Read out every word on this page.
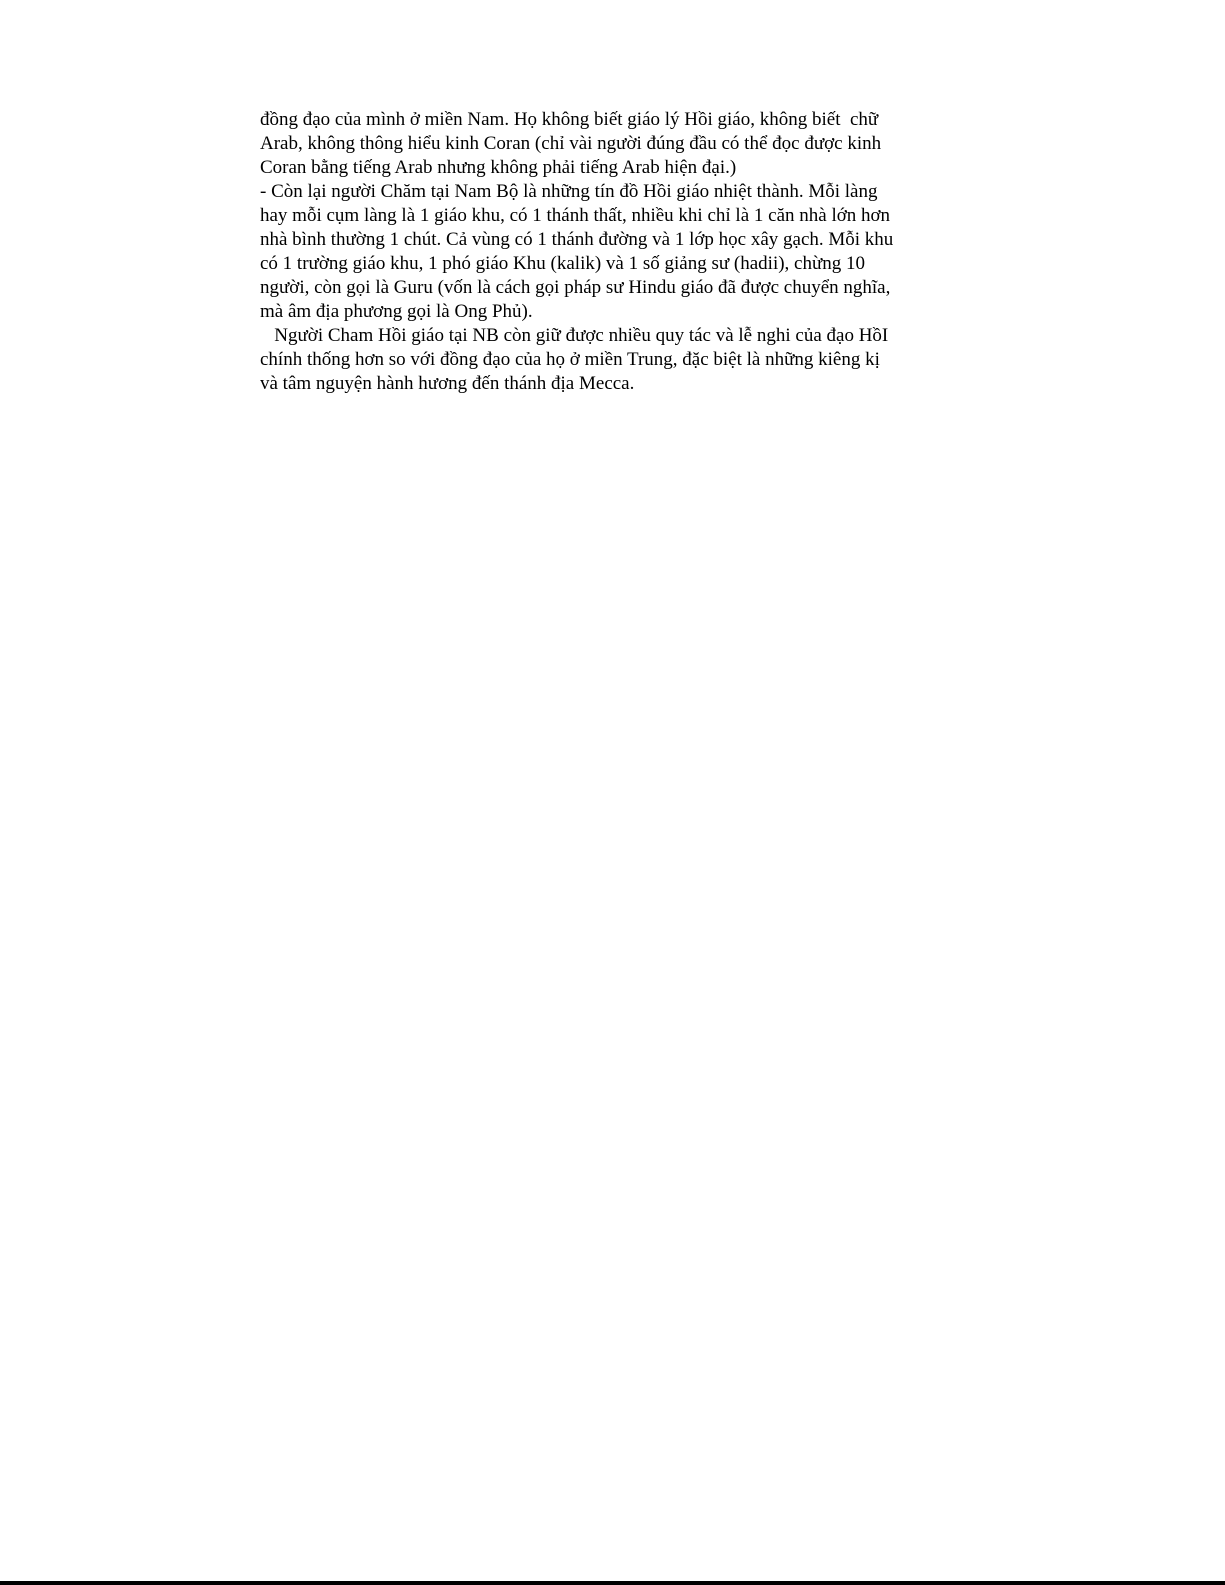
đồng đạo của mình ở miền Nam. Họ không biết giáo lý Hồi giáo, không biết  chữ
Arab, không thông hiểu kinh Coran (chỉ vài người đúng đầu có thể đọc được kinh
Coran bằng tiếng Arab nhưng không phải tiếng Arab hiện đại.)
- Còn lại người Chăm tại Nam Bộ là những tín đồ Hồi giáo nhiệt thành. Mỗi làng
hay mỗi cụm làng là 1 giáo khu, có 1 thánh thất, nhiều khi chỉ là 1 căn nhà lớn hơn
nhà bình thường 1 chút. Cả vùng có 1 thánh đường và 1 lớp học xây gạch. Mỗi khu
có 1 trường giáo khu, 1 phó giáo Khu (kalik) và 1 số giảng sư (hadii), chừng 10
người, còn gọi là Guru (vốn là cách gọi pháp sư Hindu giáo đã được chuyển nghĩa,
mà âm địa phương gọi là Ong Phủ).
Người Cham Hồi giáo tại NB còn giữ được nhiều quy tác và lễ nghi của đạo HồI
chính thống hơn so với đồng đạo của họ ở miền Trung, đặc biệt là những kiêng kị
và tâm nguyện hành hương đến thánh địa Mecca.
